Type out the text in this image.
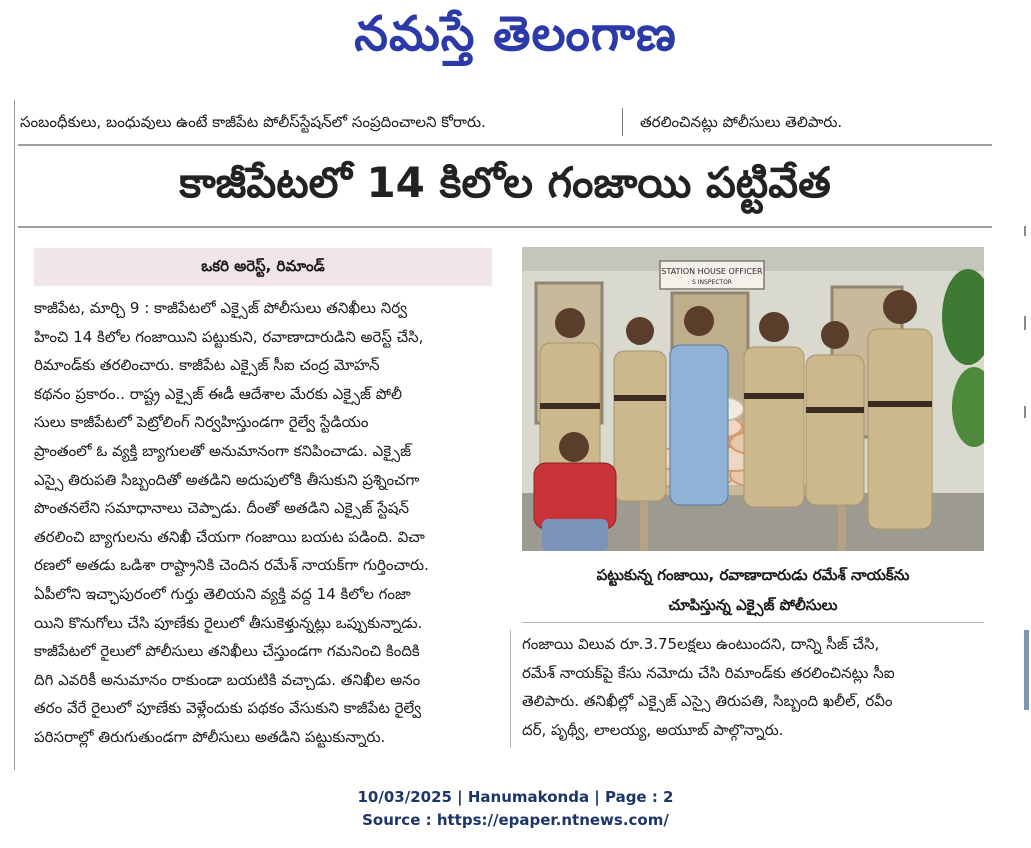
నమస్తే తెలంగాణ
సంబంధీకులు, బంధువులు ఉంటే కాజీపేట పోలీస్‌స్టేషన్‌లో సంప్రదించాలని కోరారు.	తరలించినట్లు పోలీసులు తెలిపారు.
కాజీపేటలో 14 కిలోల గంజాయి పట్టివేత
ఒకరి అరెస్ట్, రిమాండ్

కాజీపేట, మార్చి 9 : కాజీపేటలో ఎక్సైజ్ పోలీసులు తనిఖీలు నిర్వ

హించి 14 కిలోల గంజాయిని పట్టుకుని, రవాణాదారుడిని అరెస్ట్ చేసి,

రిమాండ్‌కు తరలించారు. కాజీపేట ఎక్సైజ్ సీఐ చంద్ర మోహన్

కథనం ప్రకారం.. రాష్ట్ర ఎక్సైజ్ ఈడీ ఆదేశాల మేరకు ఎక్సైజ్ పోలీ

సులు కాజీపేటలో పెట్రోలింగ్ నిర్వహిస్తుండగా రైల్వే స్టేడియం

ప్రాంతంలో ఓ వ్యక్తి బ్యాగులతో అనుమానంగా కనిపించాడు. ఎక్సైజ్

ఎస్సై తిరుపతి సిబ్బందితో అతడిని అదుపులోకి తీసుకుని ప్రశ్నించగా

పొంతనలేని సమాధానాలు చెప్పాడు. దీంతో అతడిని ఎక్సైజ్ స్టేషన్

తరలించి బ్యాగులను తనిఖీ చేయగా గంజాయి బయట పడింది. విచా

రణలో అతడు ఒడిశా రాష్ట్రానికి చెందిన రమేశ్ నాయక్‌గా గుర్తించారు.

ఏపీలోని ఇచ్ఛాపురంలో గుర్తు తెలియని వ్యక్తి వద్ద 14 కిలోల గంజా

యిని కొనుగోలు చేసి పూణేకు రైలులో తీసుకెళ్తున్నట్లు ఒప్పుకున్నాడు.

కాజీపేటలో రైలులో పోలీసులు తనిఖీలు చేస్తుండగా గమనించి కిందికి

దిగి ఎవరికీ అనుమానం రాకుండా బయటికి వచ్చాడు. తనిఖీల అనం

తరం వేరే రైలులో పూణేకు వెళ్లేందుకు పథకం వేసుకుని కాజీపేట రైల్వే

పరిసరాల్లో తిరుగుతుండగా పోలీసులు అతడిని పట్టుకున్నారు.

STATION HOUSE OFFICER
S INSPECTOR
పట్టుకున్న గంజాయి, రవాణాదారుడు రమేశ్ నాయక్‌ను
చూపిస్తున్న ఎక్సైజ్ పోలీసులు

గంజాయి విలువ రూ.3.75లక్షలు ఉంటుందని, దాన్ని సీజ్ చేసి,

రమేశ్ నాయక్‌పై కేసు నమోదు చేసి రిమాండ్‌కు తరలించినట్లు సీఐ

తెలిపారు. తనిఖీల్లో ఎక్సైజ్ ఎస్సై తిరుపతి, సిబ్బంది ఖలీల్, రవీం

దర్, పృథ్వీ, లాలయ్య, అయూబ్ పాల్గొన్నారు.

10/03/2025 | Hanumakonda | Page : 2
Source : https://epaper.ntnews.com/
